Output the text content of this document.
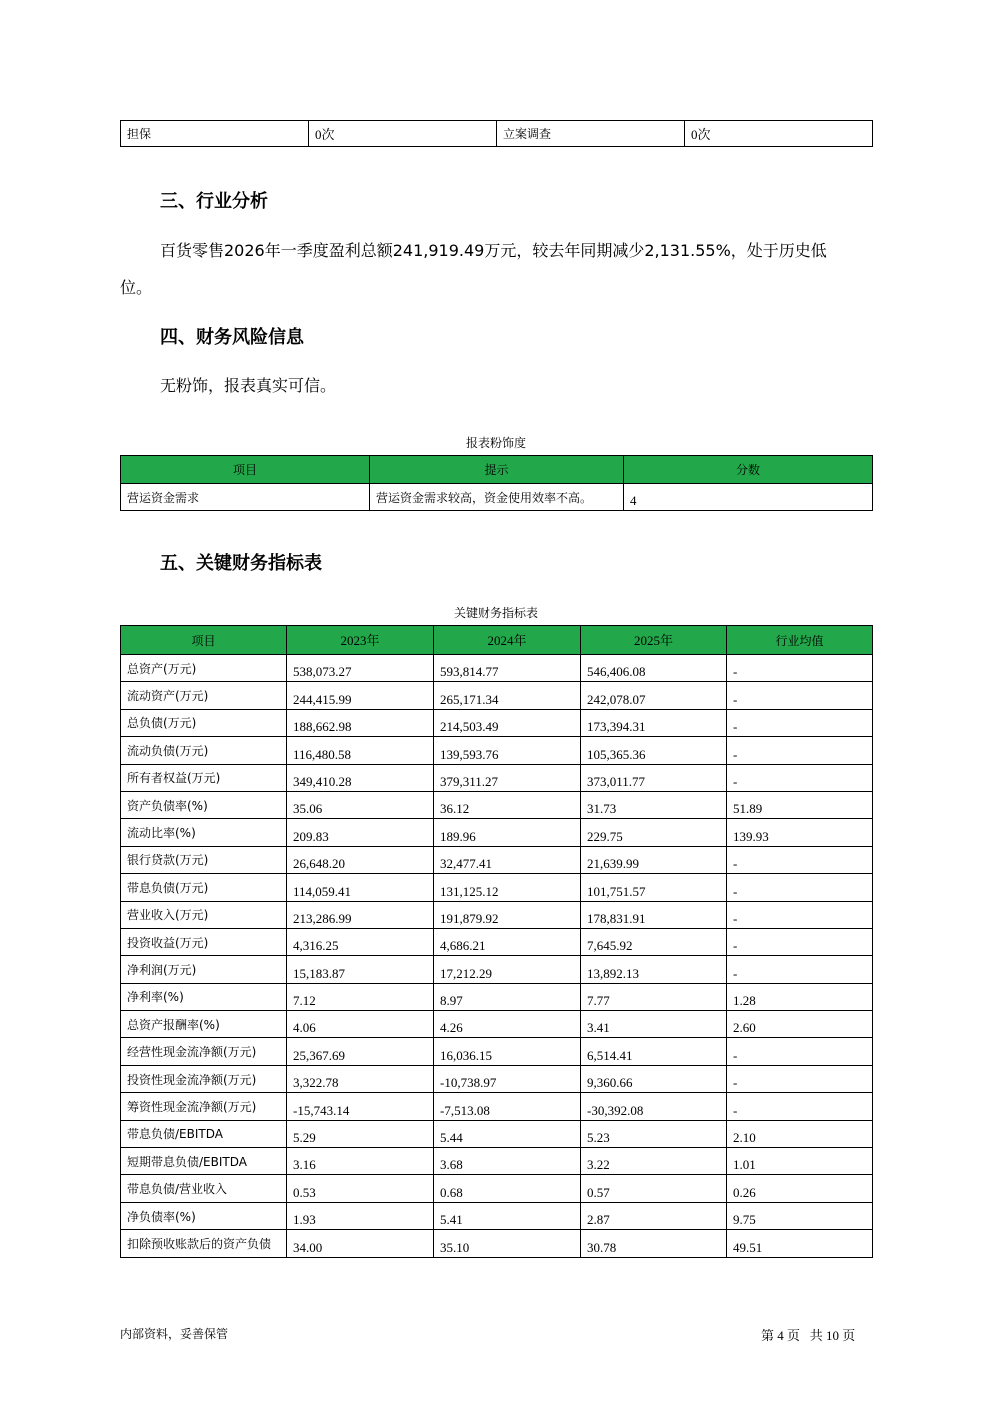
担保	0次	立案调查	0次
三、行业分析

百货零售2026年一季度盈利总额241,919.49万元，较去年同期减少2,131.55%，处于历史低

位。

四、财务风险信息

无粉饰，报表真实可信。

报表粉饰度
项目	提示	分数
营运资金需求	营运资金需求较高，资金使用效率不高。	4
五、关键财务指标表
关键财务指标表
项目	2023年	2024年	2025年	行业均值
总资产(万元)	538,073.27	593,814.77	546,406.08	-
流动资产(万元)	244,415.99	265,171.34	242,078.07	-
总负债(万元)	188,662.98	214,503.49	173,394.31	-
流动负债(万元)	116,480.58	139,593.76	105,365.36	-
所有者权益(万元)	349,410.28	379,311.27	373,011.77	-
资产负债率(%)	35.06	36.12	31.73	51.89
流动比率(%)	209.83	189.96	229.75	139.93
银行贷款(万元)	26,648.20	32,477.41	21,639.99	-
带息负债(万元)	114,059.41	131,125.12	101,751.57	-
营业收入(万元)	213,286.99	191,879.92	178,831.91	-
投资收益(万元)	4,316.25	4,686.21	7,645.92	-
净利润(万元)	15,183.87	17,212.29	13,892.13	-
净利率(%)	7.12	8.97	7.77	1.28
总资产报酬率(%)	4.06	4.26	3.41	2.60
经营性现金流净额(万元)	25,367.69	16,036.15	6,514.41	-
投资性现金流净额(万元)	3,322.78	-10,738.97	9,360.66	-
筹资性现金流净额(万元)	-15,743.14	-7,513.08	-30,392.08	-
带息负债/EBITDA	5.29	5.44	5.23	2.10
短期带息负债/EBITDA	3.16	3.68	3.22	1.01
带息负债/营业收入	0.53	0.68	0.57	0.26
净负债率(%)	1.93	5.41	2.87	9.75
扣除预收账款后的资产负债	34.00	35.10	30.78	49.51
内部资料，妥善保管	第 4 页   共 10 页
